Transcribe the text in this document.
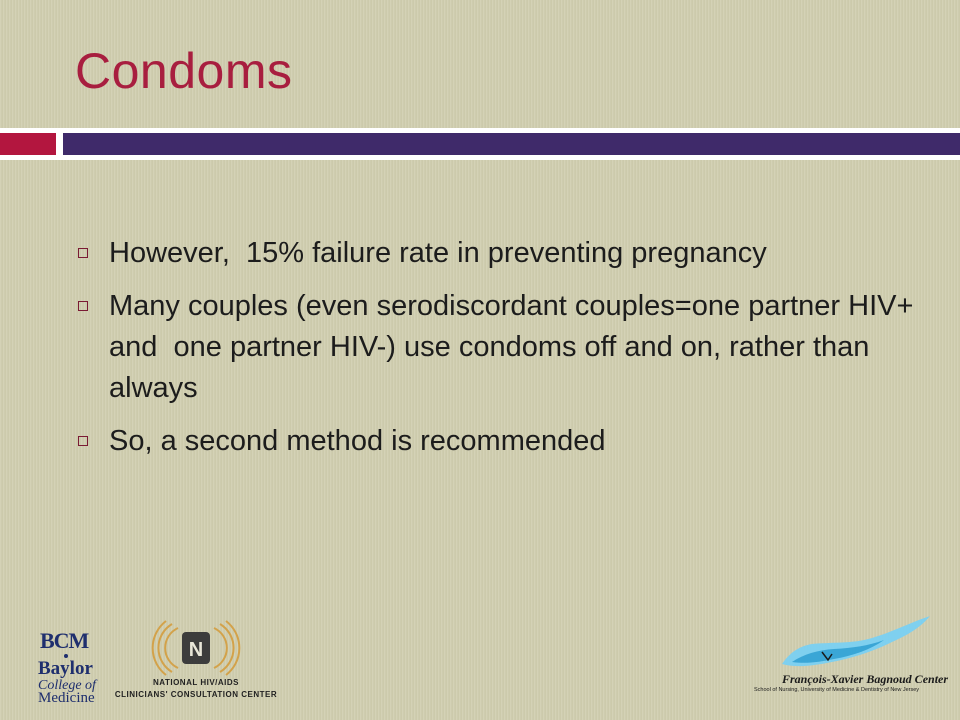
Condoms
However,  15% failure rate in preventing pregnancy
Many couples (even serodiscordant couples=one partner HIV+ and  one partner HIV-) use condoms off and on, rather than always
So, a second method is recommended
BCM
Baylor
College of
Medicine
N
NATIONAL HIV/AIDS
CLINICIANS' CONSULTATION CENTER
François-Xavier Bagnoud Center
School of Nursing, University of Medicine & Dentistry of New Jersey
